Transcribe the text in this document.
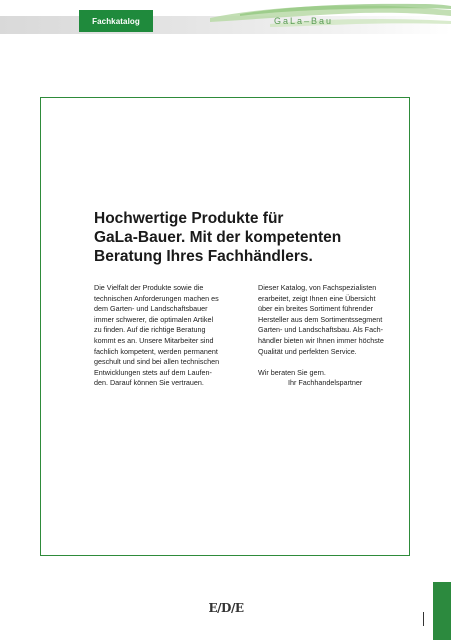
Fachkatalog	GaLa–Bau
Hochwertige Produkte für
GaLa-Bauer. Mit der kompetenten
Beratung Ihres Fachhändlers.
Die Vielfalt der Produkte sowie die
technischen Anforderungen machen es
dem Garten- und Landschaftsbauer
immer schwerer, die optimalen Artikel
zu finden. Auf die richtige Beratung
kommt es an. Unsere Mitarbeiter sind
fachlich kompetent, werden permanent
geschult und sind bei allen technischen
Entwicklungen stets auf dem Laufen-
den. Darauf können Sie vertrauen.
Dieser Katalog, von Fachspezialisten
erarbeitet, zeigt Ihnen eine Übersicht
über ein breites Sortiment führender
Hersteller aus dem Sortimentssegment
Garten- und Landschaftsbau. Als Fach-
händler bieten wir Ihnen immer höchste
Qualität und perfekten Service.
Wir beraten Sie gern.
Ihr Fachhandelspartner
E/D/E
